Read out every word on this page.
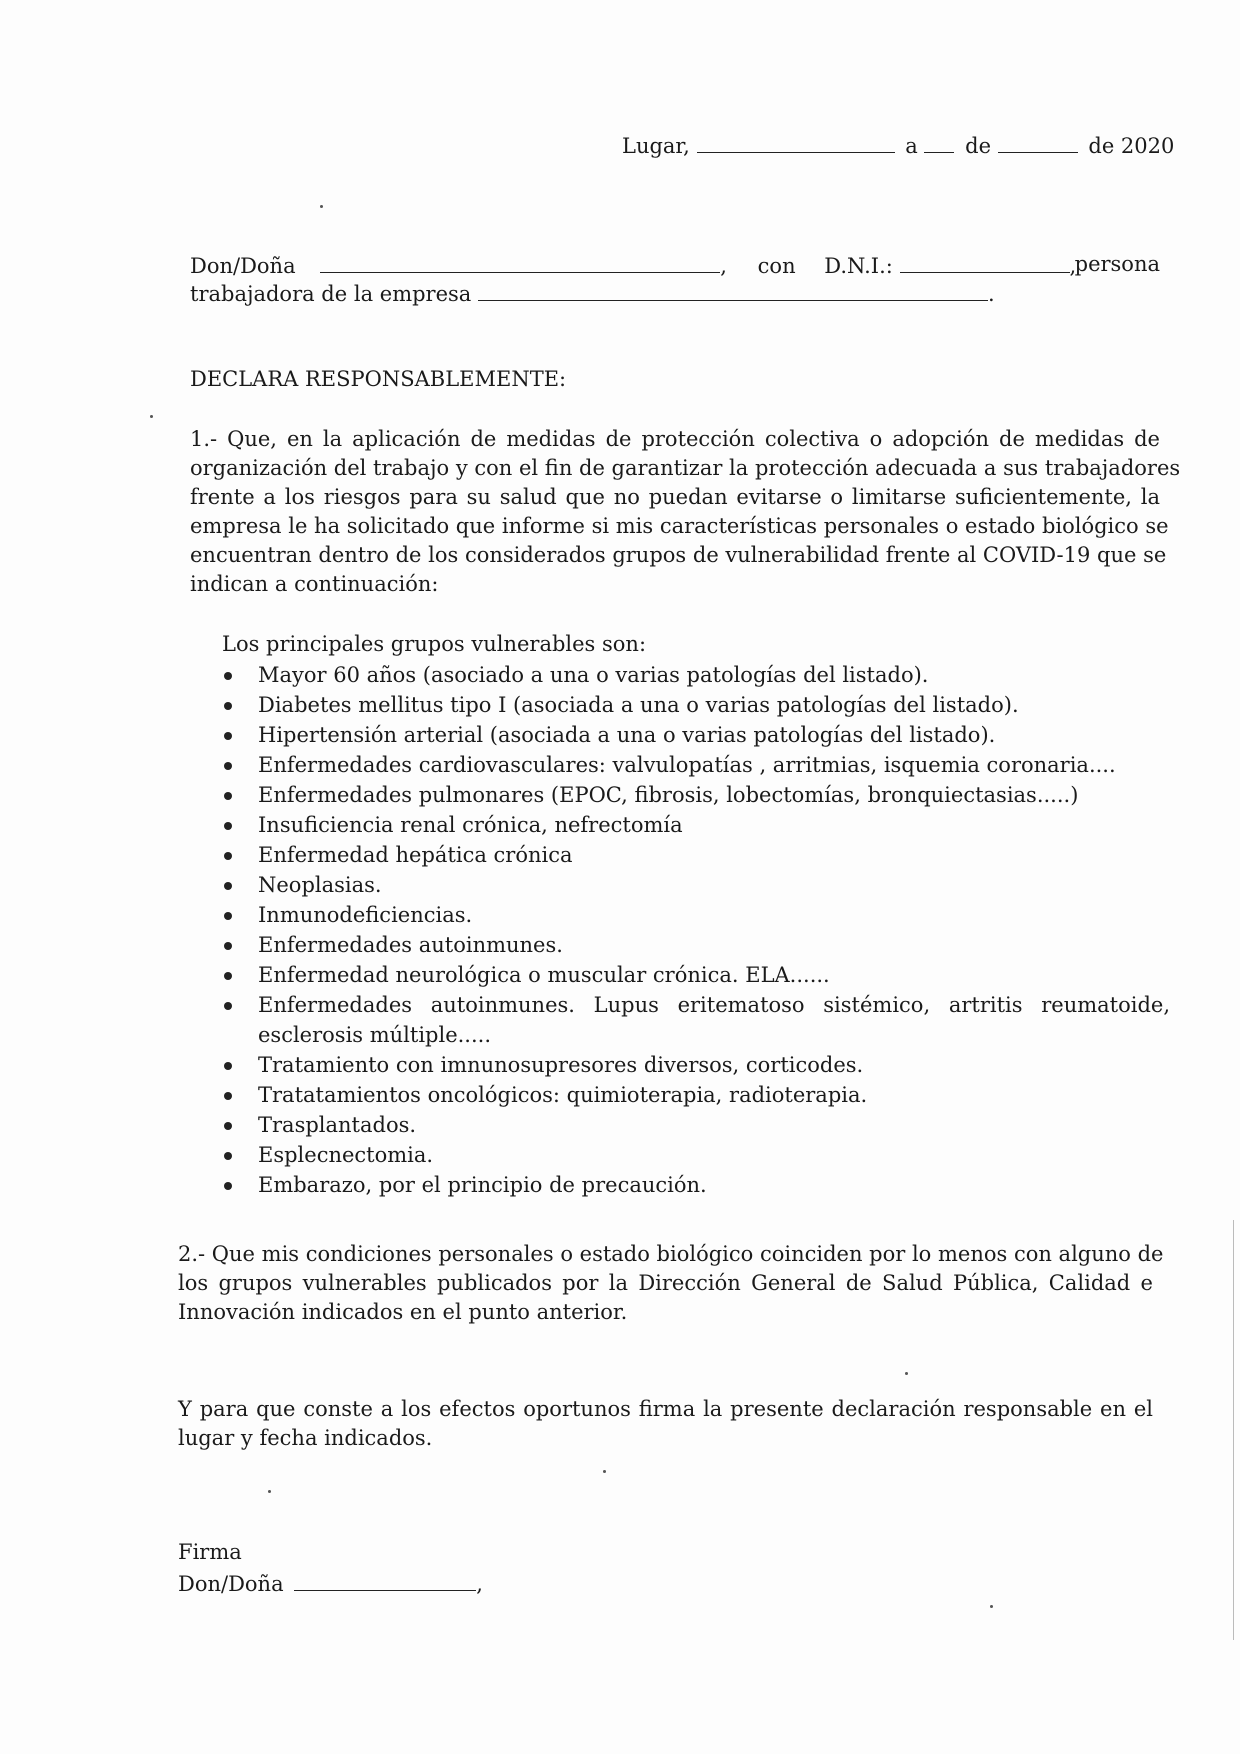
Lugar,	a de	de 2020
Don/Doña	, con D.N.I.:	,
persona
trabajadora de la empresa	.
DECLARA RESPONSABLEMENTE:
1.- Que, en la aplicación de medidas de protección colectiva o adopción de medidas de
organización del trabajo y con el fin de garantizar la protección adecuada a sus trabajadores
frente a los riesgos para su salud que no puedan evitarse o limitarse suficientemente, la
empresa le ha solicitado que informe si mis características personales o estado biológico se
encuentran dentro de los considerados grupos de vulnerabilidad frente al COVID-19 que se
indican a continuación:
Los principales grupos vulnerables son:
Mayor 60 años (asociado a una o varias patologías del listado).
Diabetes mellitus tipo I (asociada a una o varias patologías del listado).
Hipertensión arterial (asociada a una o varias patologías del listado).
Enfermedades cardiovasculares: valvulopatías , arritmias, isquemia coronaria....
Enfermedades pulmonares (EPOC, fibrosis, lobectomías, bronquiectasias.....)
Insuficiencia renal crónica, nefrectomía
Enfermedad hepática crónica
Neoplasias.
Inmunodeficiencias.
Enfermedades autoinmunes.
Enfermedad neurológica o muscular crónica. ELA......
Enfermedades autoinmunes. Lupus eritematoso sistémico, artritis reumatoide,
esclerosis múltiple.....
Tratamiento con imnunosupresores diversos, corticodes.
Tratatamientos oncológicos: quimioterapia, radioterapia.
Trasplantados.
Esplecnectomia.
Embarazo, por el principio de precaución.
2.- Que mis condiciones personales o estado biológico coinciden por lo menos con alguno de
los grupos vulnerables publicados por la Dirección General de Salud Pública, Calidad e
Innovación indicados en el punto anterior.
Y para que conste a los efectos oportunos firma la presente declaración responsable en el
lugar y fecha indicados.
Firma
Don/Doña	,
